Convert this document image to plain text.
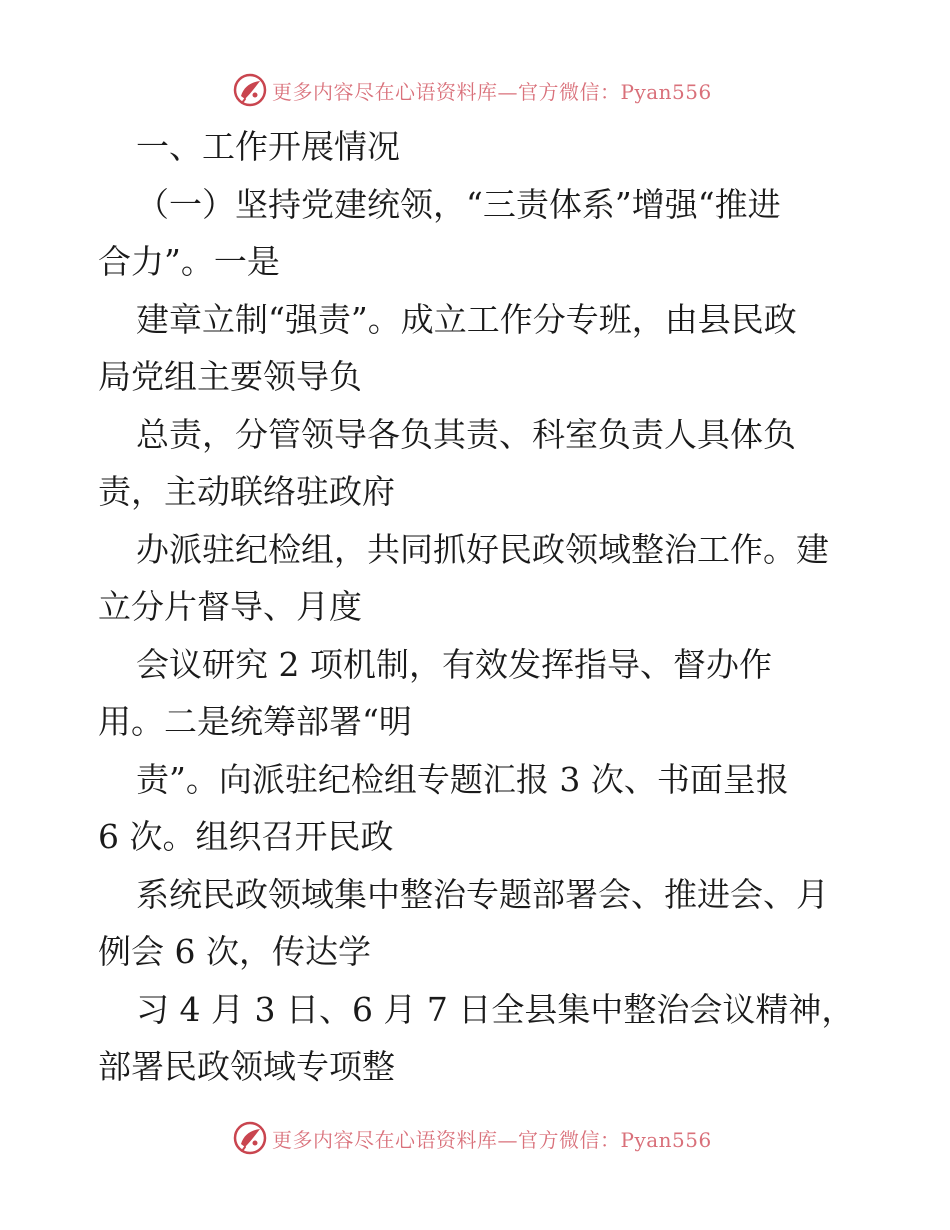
更多内容尽在心语资料库—官方微信：Pyan556

一、工作开展情况

（一）坚持党建统领，“三责体系”增强“推进
合力”。一是

建章立制“强责”。成立工作分专班，由县民政
局党组主要领导负

总责，分管领导各负其责、科室负责人具体负
责，主动联络驻政府

办派驻纪检组，共同抓好民政领域整治工作。建
立分片督导、月度

会议研究 2 项机制，有效发挥指导、督办作
用。二是统筹部署“明

责”。向派驻纪检组专题汇报 3 次、书面呈报
6 次。组织召开民政

系统民政领域集中整治专题部署会、推进会、月
例会 6 次，传达学

习 4 月 3 日、6 月 7 日全县集中整治会议精神，
部署民政领域专项整

更多内容尽在心语资料库—官方微信：Pyan556
